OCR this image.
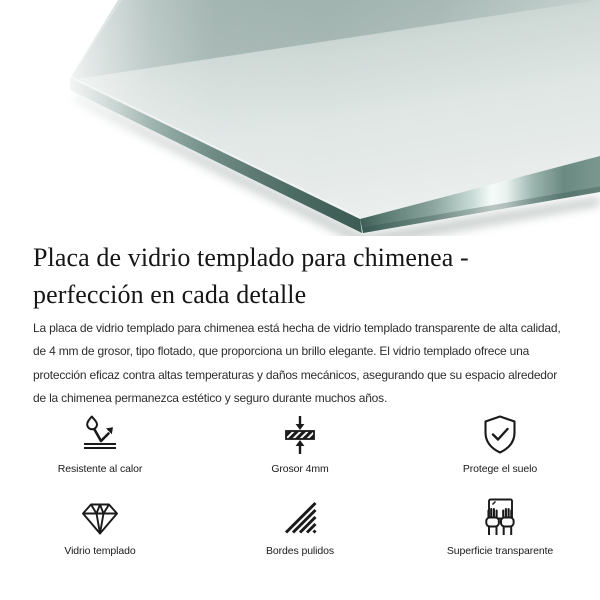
Placa de vidrio templado para chimenea -
perfección en cada detalle
La placa de vidrio templado para chimenea está hecha de vidrio templado transparente de alta calidad,
de 4 mm de grosor, tipo flotado, que proporciona un brillo elegante. El vidrio templado ofrece una
protección eficaz contra altas temperaturas y daños mecánicos, asegurando que su espacio alrededor
de la chimenea permanezca estético y seguro durante muchos años.
Resistente al calor	Grosor 4mm	Protege el suelo
Vidrio templado	Bordes pulidos	Superficie transparente
